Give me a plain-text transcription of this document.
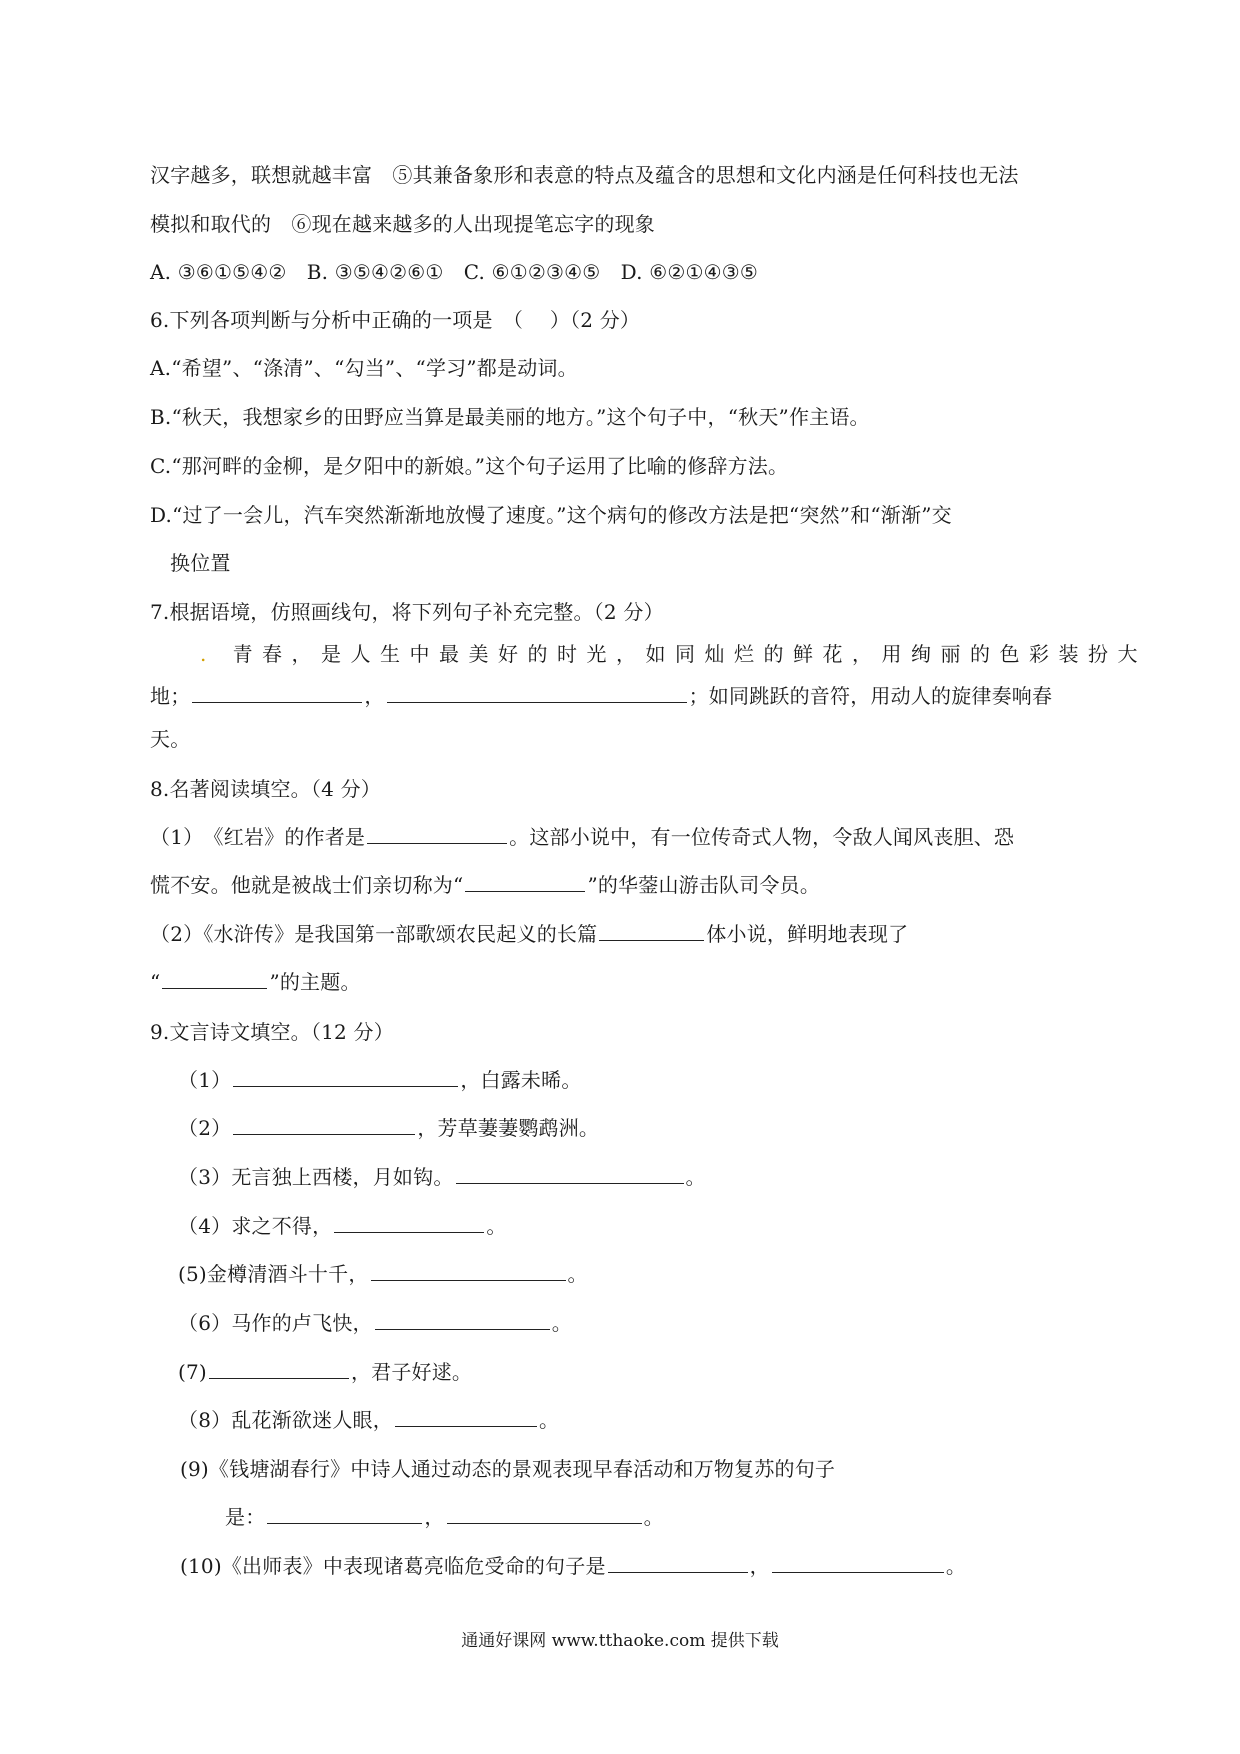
汉字越多，联想就越丰富　⑤其兼备象形和表意的特点及蕴含的思想和文化内涵是任何科技也无法
模拟和取代的　⑥现在越来越多的人出现提笔忘字的现象
A. ③⑥①⑤④②　B. ③⑤④②⑥①　C. ⑥①②③④⑤　D. ⑥②①④③⑤
6.下列各项判断与分析中正确的一项是　（　 ）（2 分）
A.“希望”、“涤清”、“勾当”、“学习”都是动词。
B.“秋天，我想家乡的田野应当算是最美丽的地方。”这个句子中，“秋天”作主语。
C.“那河畔的金柳，是夕阳中的新娘。”这个句子运用了比喻的修辞方法。
D.“过了一会儿，汽车突然渐渐地放慢了速度。”这个病句的修改方法是把“突然”和“渐渐”交
换位置
7.根据语境，仿照画线句，将下列句子补充完整。（2 分）
. 青春，是人生中最美好的时光，如同灿烂的鲜花，用绚丽的色彩装扮大
地；	，	；如同跳跃的音符，用动人的旋律奏响春
天。
8.名著阅读填空。（4 分）
（1）　《红岩》的作者是	。这部小说中，有一位传奇式人物，令敌人闻风丧胆、恐
慌不安。他就是被战士们亲切称为“	”的华蓥山游击队司令员。
（2）《水浒传》是我国第一部歌颂农民起义的长篇	体小说，鲜明地表现了
“	”的主题。
9.文言诗文填空。（12 分）
（1）	，白露未晞。
（2）	，芳草萋萋鹦鹉洲。
（3）无言独上西楼，月如钩。	。
（4）求之不得，	。
(5)金樽清酒斗十千，	。
（6）马作的卢飞快，	。
(7)	，君子好逑。
（8）乱花渐欲迷人眼，	。
(9)《钱塘湖春行》中诗人通过动态的景观表现早春活动和万物复苏的句子
是：	，	。
(10)《出师表》中表现诸葛亮临危受命的句子是	，	。
通通好课网 www.tthaoke.com 提供下载
